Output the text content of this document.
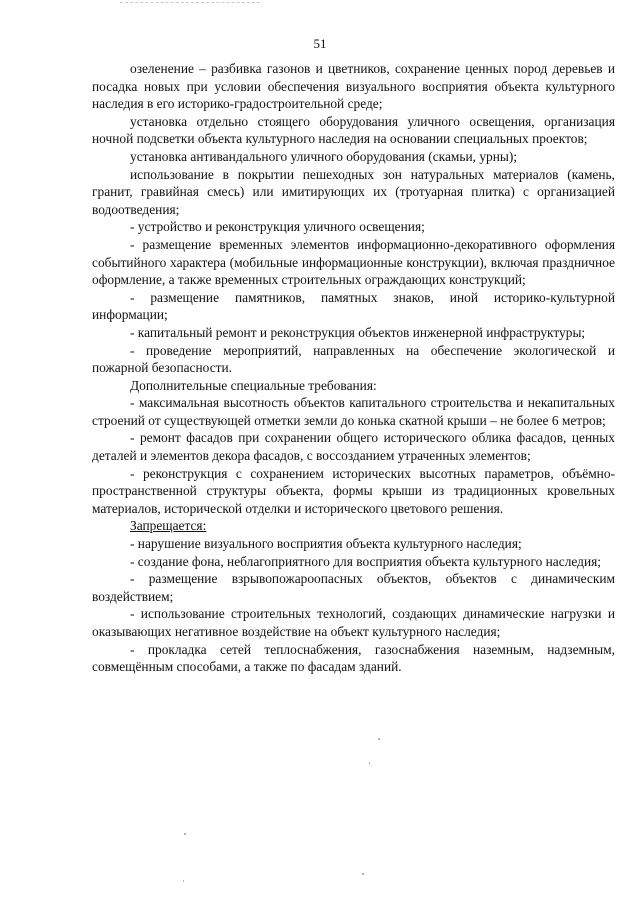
51

озеленение – разбивка газонов и цветников, сохранение ценных пород деревьев и посадка новых при условии обеспечения визуального восприятия объекта культурного наследия в его историко-градостроительной среде;

установка отдельно стоящего оборудования уличного освещения, организация ночной подсветки объекта культурного наследия на основании специальных проектов;

установка антивандального уличного оборудования (скамьи, урны);

использование в покрытии пешеходных зон натуральных материалов (камень, гранит, гравийная смесь) или имитирующих их (тротуарная плитка) с организацией водоотведения;

- устройство и реконструкция уличного освещения;

- размещение временных элементов информационно-декоративного оформления событийного характера (мобильные информационные конструкции), включая праздничное оформление, а также временных строительных ограждающих конструкций;

- размещение памятников, памятных знаков, иной историко-культурной информации;

- капитальный ремонт и реконструкция объектов инженерной инфраструктуры;

- проведение мероприятий, направленных на обеспечение экологической и пожарной безопасности.

Дополнительные специальные требования:

- максимальная высотность объектов капитального строительства и некапитальных строений от существующей отметки земли до конька скатной крыши – не более 6 метров;

- ремонт фасадов при сохранении общего исторического облика фасадов, ценных деталей и элементов декора фасадов, с воссозданием утраченных элементов;

- реконструкция с сохранением исторических высотных параметров, объёмно-пространственной структуры объекта, формы крыши из традиционных кровельных материалов, исторической отделки и исторического цветового решения.

Запрещается:

- нарушение визуального восприятия объекта культурного наследия;

- создание фона, неблагоприятного для восприятия объекта культурного наследия;

- размещение взрывопожароопасных объектов, объектов с динамическим воздействием;

- использование строительных технологий, создающих динамические нагрузки и оказывающих негативное воздействие на объект культурного наследия;

- прокладка сетей теплоснабжения, газоснабжения наземным, надземным, совмещённым способами, а также по фасадам зданий.
